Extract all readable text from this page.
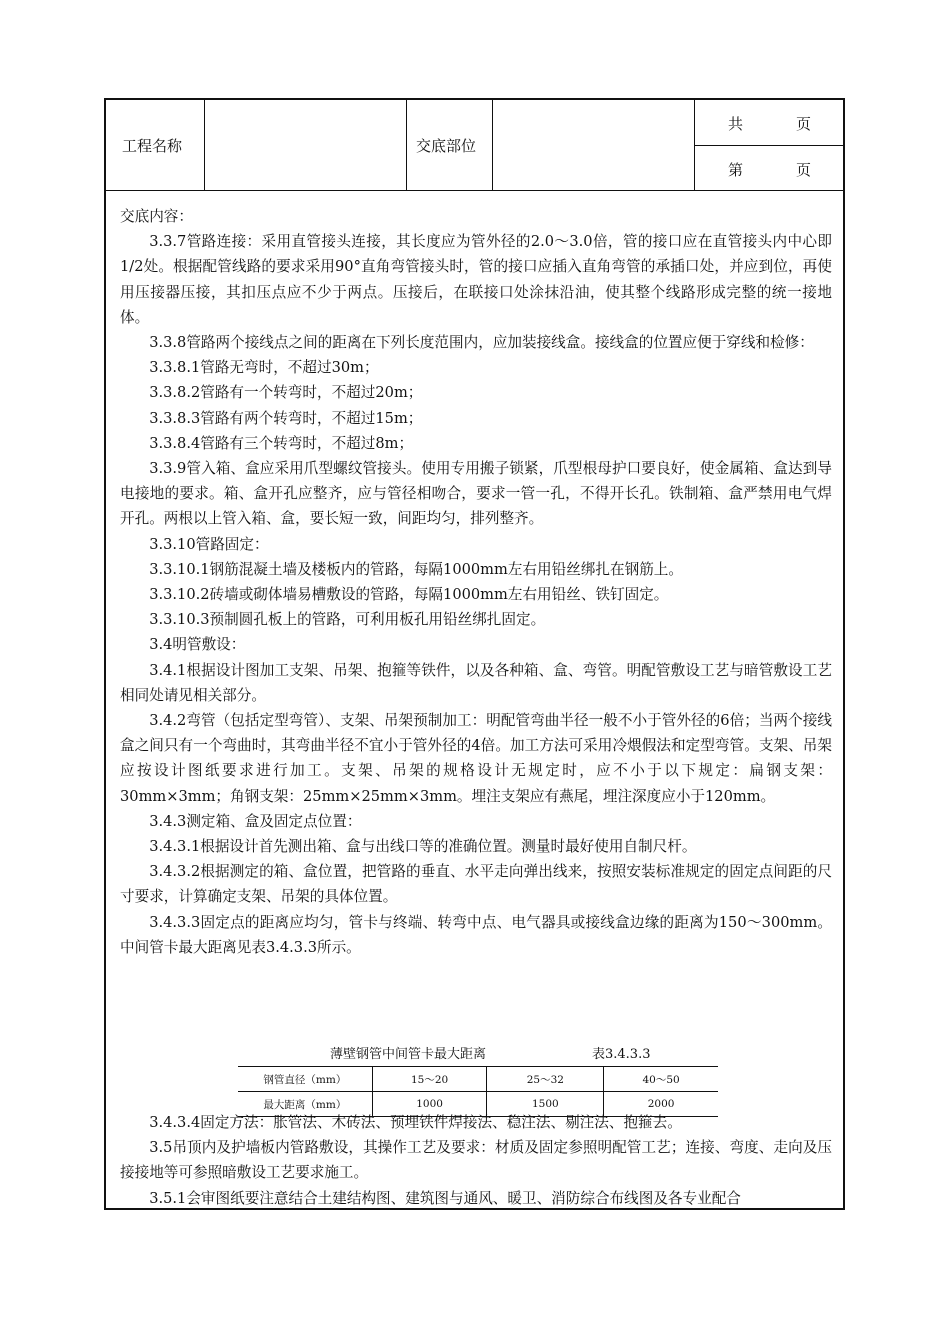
工程名称	交底部位
共　　　页
第　　　页

交底内容：

3.3.7管路连接：采用直管接头连接，其长度应为管外径的2.0～3.0倍，管的接口应在直管接头内中心即1/2处。根据配管线路的要求采用90°直角弯管接头时，管的接口应插入直角弯管的承插口处，并应到位，再使用压接器压接，其扣压点应不少于两点。压接后，在联接口处涂抹沿油，使其整个线路形成完整的统一接地体。

3.3.8管路两个接线点之间的距离在下列长度范围内，应加装接线盒。接线盒的位置应便于穿线和检修：

3.3.8.1管路无弯时，不超过30m；

3.3.8.2管路有一个转弯时，不超过20m；

3.3.8.3管路有两个转弯时，不超过15m；

3.3.8.4管路有三个转弯时，不超过8m；

3.3.9管入箱、盒应采用爪型螺纹管接头。使用专用搬子锁紧，爪型根母护口要良好，使金属箱、盒达到导电接地的要求。箱、盒开孔应整齐，应与管径相吻合，要求一管一孔，不得开长孔。铁制箱、盒严禁用电气焊开孔。两根以上管入箱、盒，要长短一致，间距均匀，排列整齐。

3.3.10管路固定：

3.3.10.1钢筋混凝土墙及楼板内的管路，每隔1000mm左右用铅丝绑扎在钢筋上。

3.3.10.2砖墙或砌体墙易槽敷设的管路，每隔1000mm左右用铅丝、铁钉固定。

3.3.10.3预制圆孔板上的管路，可利用板孔用铅丝绑扎固定。

3.4明管敷设：

3.4.1根据设计图加工支架、吊架、抱箍等铁件，以及各种箱、盒、弯管。明配管敷设工艺与暗管敷设工艺相同处请见相关部分。

3.4.2弯管（包括定型弯管）、支架、吊架预制加工：明配管弯曲半径一般不小于管外径的6倍；当两个接线盒之间只有一个弯曲时，其弯曲半径不宜小于管外径的4倍。加工方法可采用冷煨假法和定型弯管。支架、吊架应按设计图纸要求进行加工。支架、吊架的规格设计无规定时，应不小于以下规定：扁钢支架：30mm×3mm；角钢支架：25mm×25mm×3mm。埋注支架应有燕尾，埋注深度应小于120mm。

3.4.3测定箱、盒及固定点位置：

3.4.3.1根据设计首先测出箱、盒与出线口等的准确位置。测量时最好使用自制尺杆。

3.4.3.2根据测定的箱、盒位置，把管路的垂直、水平走向弹出线来，按照安装标准规定的固定点间距的尺寸要求，计算确定支架、吊架的具体位置。

3.4.3.3固定点的距离应均匀，管卡与终端、转弯中点、电气器具或接线盒边缘的距离为150～300mm。中间管卡最大距离见表3.4.3.3所示。

薄壁钢管中间管卡最大距离	表3.4.3.3
钢管直径（mm）	15～20	25～32	40～50
最大距离（mm）	1000	1500	2000

3.4.3.4固定方法：胀管法、木砖法、预埋铁件焊接法、稳注法、剔注法、抱箍去。

3.5吊顶内及护墙板内管路敷设，其操作工艺及要求：材质及固定参照明配管工艺；连接、弯度、走向及压接接地等可参照暗敷设工艺要求施工。

3.5.1会审图纸要注意结合土建结构图、建筑图与通风、暖卫、消防综合布线图及各专业配合
